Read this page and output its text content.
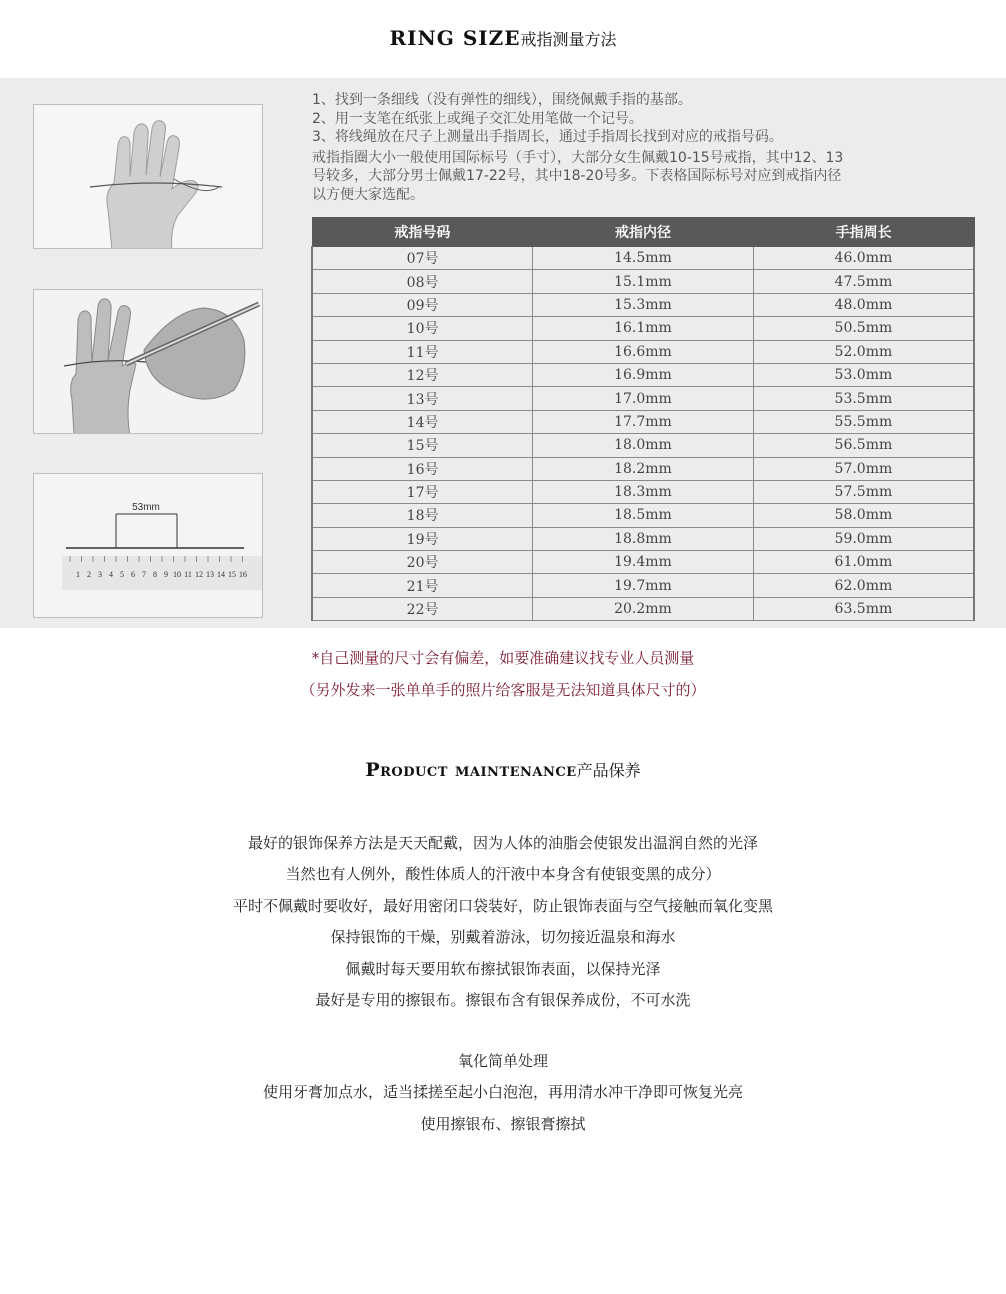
RING SIZE戒指测量方法
53mm
1 2 3 4 5 6 7 8 9 10 11 12 13 14 15 16
1、找到一条细线（没有弹性的细线），围绕佩戴手指的基部。
2、用一支笔在纸张上或绳子交汇处用笔做一个记号。
3、将线绳放在尺子上测量出手指周长，通过手指周长找到对应的戒指号码。
戒指指圈大小一般使用国际标号（手寸），大部分女生佩戴10-15号戒指，其中12、13
号较多，大部分男士佩戴17-22号，其中18-20号多。下表格国际标号对应到戒指内径
以方便大家选配。
戒指号码	戒指内径	手指周长
07号	14.5mm	46.0mm
08号	15.1mm	47.5mm
09号	15.3mm	48.0mm
10号	16.1mm	50.5mm
11号	16.6mm	52.0mm
12号	16.9mm	53.0mm
13号	17.0mm	53.5mm
14号	17.7mm	55.5mm
15号	18.0mm	56.5mm
16号	18.2mm	57.0mm
17号	18.3mm	57.5mm
18号	18.5mm	58.0mm
19号	18.8mm	59.0mm
20号	19.4mm	61.0mm
21号	19.7mm	62.0mm
22号	20.2mm	63.5mm
*自己测量的尺寸会有偏差，如要准确建议找专业人员测量
（另外发来一张单单手的照片给客服是无法知道具体尺寸的）
Product maintenance产品保养
最好的银饰保养方法是天天配戴，因为人体的油脂会使银发出温润自然的光泽
当然也有人例外，酸性体质人的汗液中本身含有使银变黑的成分）
平时不佩戴时要收好，最好用密闭口袋装好，防止银饰表面与空气接触而氧化变黑
保持银饰的干燥，别戴着游泳，切勿接近温泉和海水
佩戴时每天要用软布擦拭银饰表面，以保持光泽
最好是专用的擦银布。擦银布含有银保养成份，不可水洗
氧化简单处理
使用牙膏加点水，适当揉搓至起小白泡泡，再用清水冲干净即可恢复光亮
使用擦银布、擦银膏擦拭
